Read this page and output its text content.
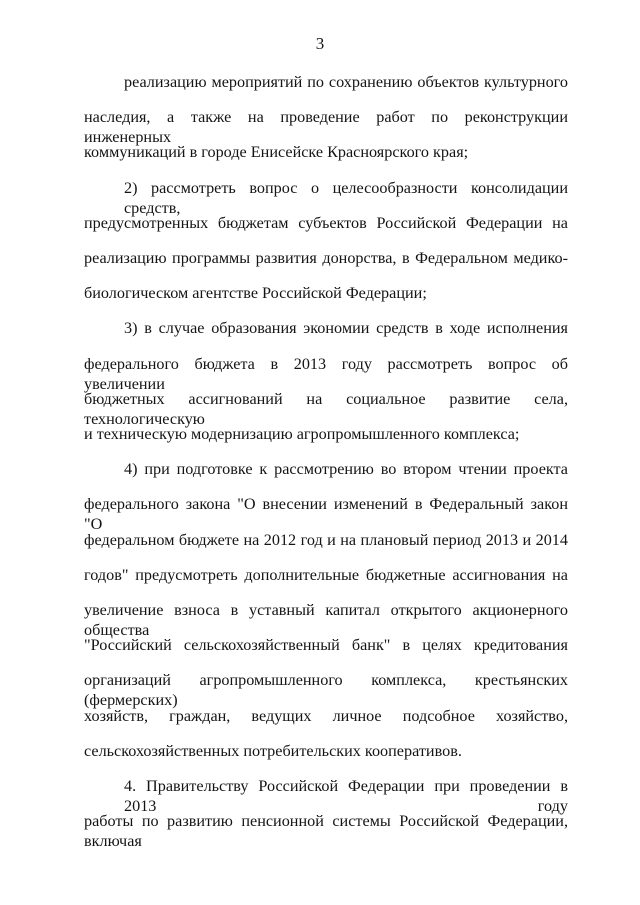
3
реализацию мероприятий по сохранению объектов культурного
наследия, а также на проведение работ по реконструкции инженерных
коммуникаций в городе Енисейске Красноярского края;
2) рассмотреть вопрос о целесообразности консолидации средств,
предусмотренных бюджетам субъектов Российской Федерации на
реализацию программы развития донорства, в Федеральном медико-
биологическом агентстве Российской Федерации;
3) в случае образования экономии средств в ходе исполнения
федерального бюджета в 2013 году рассмотреть вопрос об увеличении
бюджетных ассигнований на социальное развитие села, технологическую
и техническую модернизацию агропромышленного комплекса;
4) при подготовке к рассмотрению во втором чтении проекта
федерального закона "О внесении изменений в Федеральный закон "О
федеральном бюджете на 2012 год и на плановый период 2013 и 2014
годов" предусмотреть дополнительные бюджетные ассигнования на
увеличение взноса в уставный капитал открытого акционерного общества
"Российский сельскохозяйственный банк" в целях кредитования
организаций агропромышленного комплекса, крестьянских (фермерских)
хозяйств, граждан, ведущих личное подсобное хозяйство,
сельскохозяйственных потребительских кооперативов.
4. Правительству Российской Федерации при проведении в 2013 году
работы по развитию пенсионной системы Российской Федерации, включая
